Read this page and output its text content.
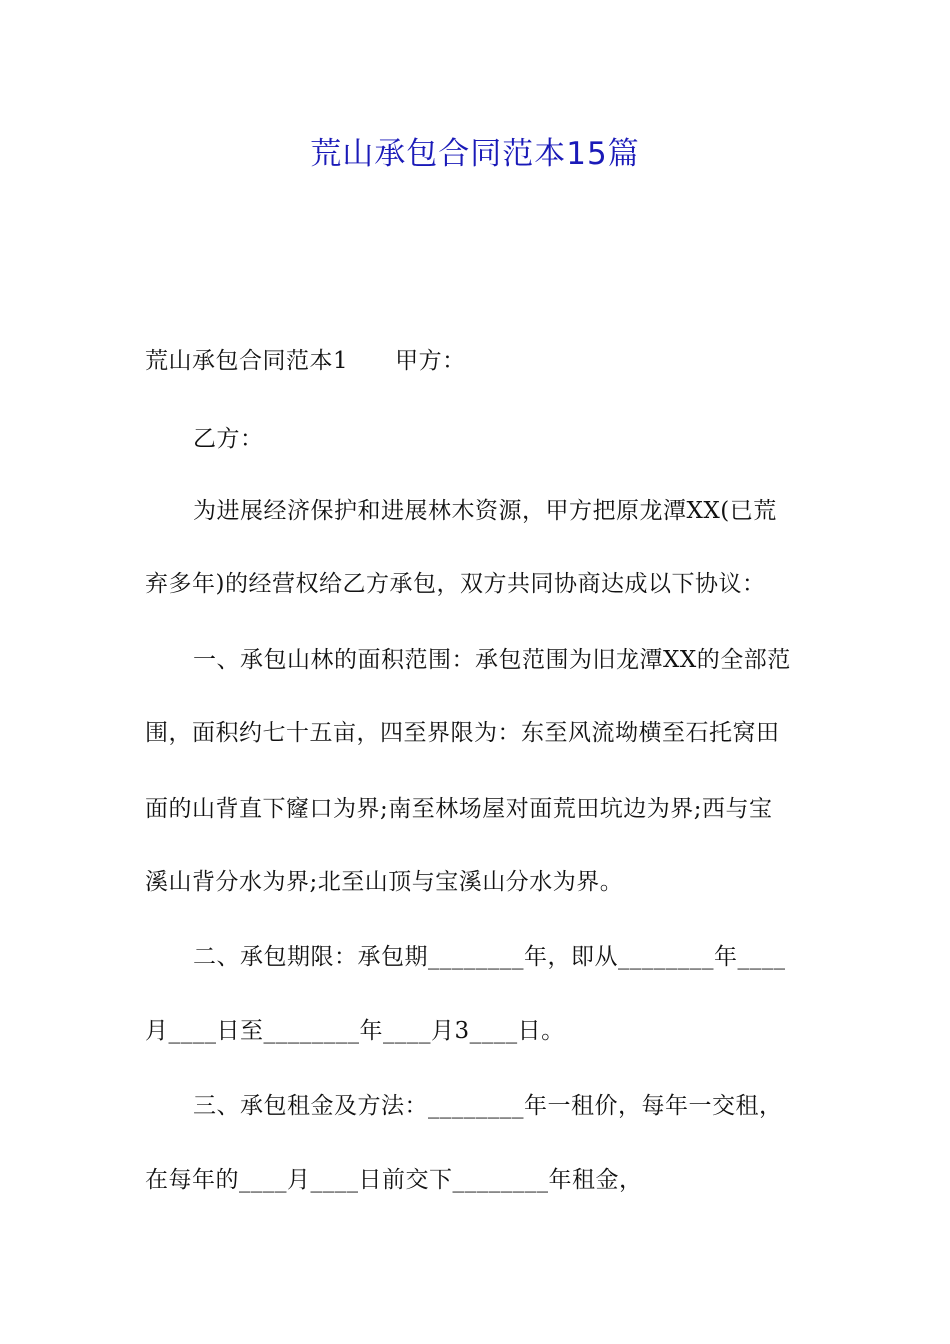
荒山承包合同范本15篇
荒山承包合同范本1　　甲方：
乙方：
为进展经济保护和进展林木资源，甲方把原龙潭XX(已荒
弃多年)的经营权给乙方承包，双方共同协商达成以下协议：
一、承包山林的面积范围：承包范围为旧龙潭XX的全部范
围，面积约七十五亩，四至界限为：东至风流坳横至石托窝田
面的山背直下窿口为界;南至林场屋对面荒田坑边为界;西与宝
溪山背分水为界;北至山顶与宝溪山分水为界。
二、承包期限：承包期________年，即从________年____
月____日至________年____月3____日。
三、承包租金及方法：________年一租价，每年一交租，
在每年的____月____日前交下________年租金，
